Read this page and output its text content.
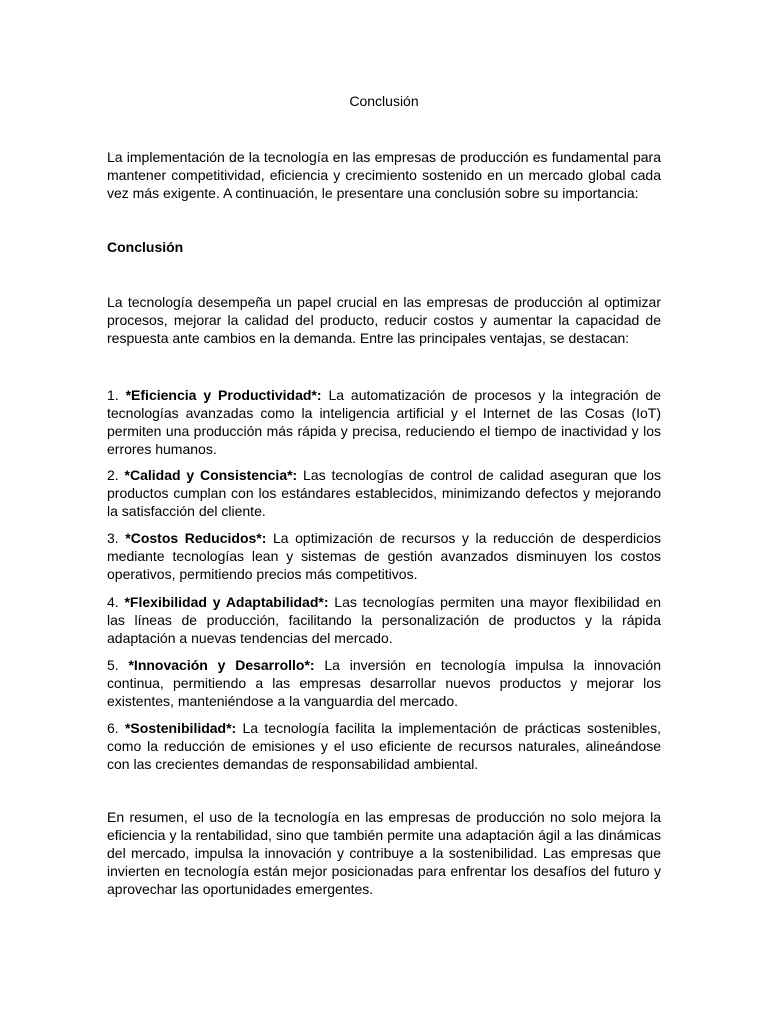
Conclusión

La implementación de la tecnología en las empresas de producción es fundamental para mantener competitividad, eficiencia y crecimiento sostenido en un mercado global cada vez más exigente. A continuación, le presentare una conclusión sobre su importancia:

Conclusión

La tecnología desempeña un papel crucial en las empresas de producción al optimizar procesos, mejorar la calidad del producto, reducir costos y aumentar la capacidad de respuesta ante cambios en la demanda. Entre las principales ventajas, se destacan:

1. *Eficiencia y Productividad*: La automatización de procesos y la integración de tecnologías avanzadas como la inteligencia artificial y el Internet de las Cosas (IoT) permiten una producción más rápida y precisa, reduciendo el tiempo de inactividad y los errores humanos.

2. *Calidad y Consistencia*: Las tecnologías de control de calidad aseguran que los productos cumplan con los estándares establecidos, minimizando defectos y mejorando la satisfacción del cliente.

3. *Costos Reducidos*: La optimización de recursos y la reducción de desperdicios mediante tecnologías lean y sistemas de gestión avanzados disminuyen los costos operativos, permitiendo precios más competitivos.

4. *Flexibilidad y Adaptabilidad*: Las tecnologías permiten una mayor flexibilidad en las líneas de producción, facilitando la personalización de productos y la rápida adaptación a nuevas tendencias del mercado.

5. *Innovación y Desarrollo*: La inversión en tecnología impulsa la innovación continua, permitiendo a las empresas desarrollar nuevos productos y mejorar los existentes, manteniéndose a la vanguardia del mercado.

6. *Sostenibilidad*: La tecnología facilita la implementación de prácticas sostenibles, como la reducción de emisiones y el uso eficiente de recursos naturales, alineándose con las crecientes demandas de responsabilidad ambiental.

En resumen, el uso de la tecnología en las empresas de producción no solo mejora la eficiencia y la rentabilidad, sino que también permite una adaptación ágil a las dinámicas del mercado, impulsa la innovación y contribuye a la sostenibilidad. Las empresas que invierten en tecnología están mejor posicionadas para enfrentar los desafíos del futuro y aprovechar las oportunidades emergentes.
